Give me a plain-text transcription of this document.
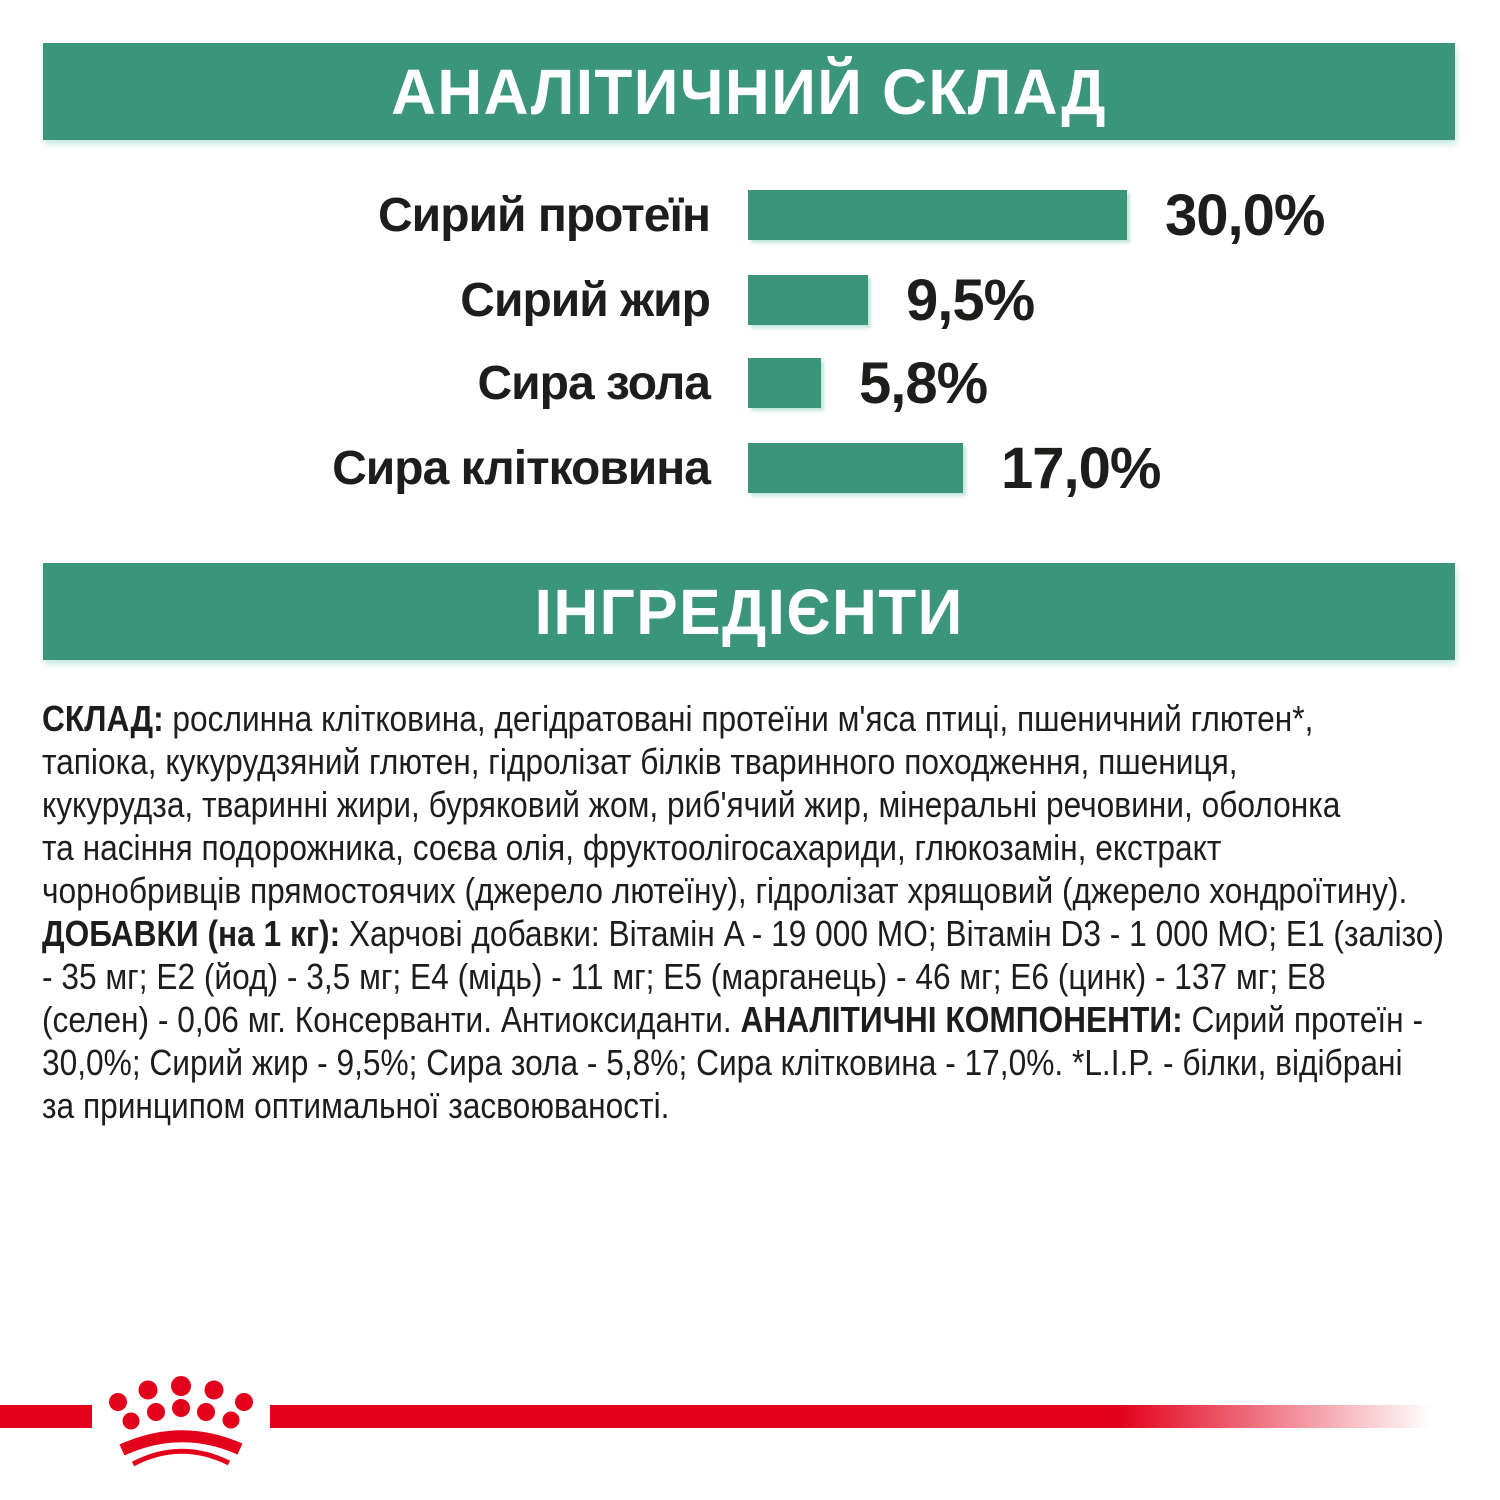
АНАЛІТИЧНИЙ СКЛАД
Сирий протеїн	30,0%
Сирий жир	9,5%
Сира зола	5,8%
Сира клітковина	17,0%
ІНГРЕДІЄНТИ
СКЛАД: рослинна клітковина, дегідратовані протеїни м'яса птиці, пшеничний глютен*,
тапіока, кукурудзяний глютен, гідролізат білків тваринного походження, пшениця,
кукурудза, тваринні жири, буряковий жом, риб'ячий жир, мінеральні речовини, оболонка
та насіння подорожника, соєва олія, фруктоолігосахариди, глюкозамін, екстракт
чорнобривців прямостоячих (джерело лютеїну), гідролізат хрящовий (джерело хондроїтину).
ДОБАВКИ (на 1 кг): Харчові добавки: Вітамін A - 19 000 МО; Вітамін D3 - 1 000 МО; E1 (залізо)
- 35 мг; E2 (йод) - 3,5 мг; E4 (мідь) - 11 мг; E5 (марганець) - 46 мг; E6 (цинк) - 137 мг; E8
(селен) - 0,06 мг. Консерванти. Антиоксиданти. АНАЛІТИЧНІ КОМПОНЕНТИ: Сирий протеїн -
30,0%; Сирий жир - 9,5%; Сира зола - 5,8%; Сира клітковина - 17,0%. *L.I.P. - білки, відібрані
за принципом оптимальної засвоюваності.
